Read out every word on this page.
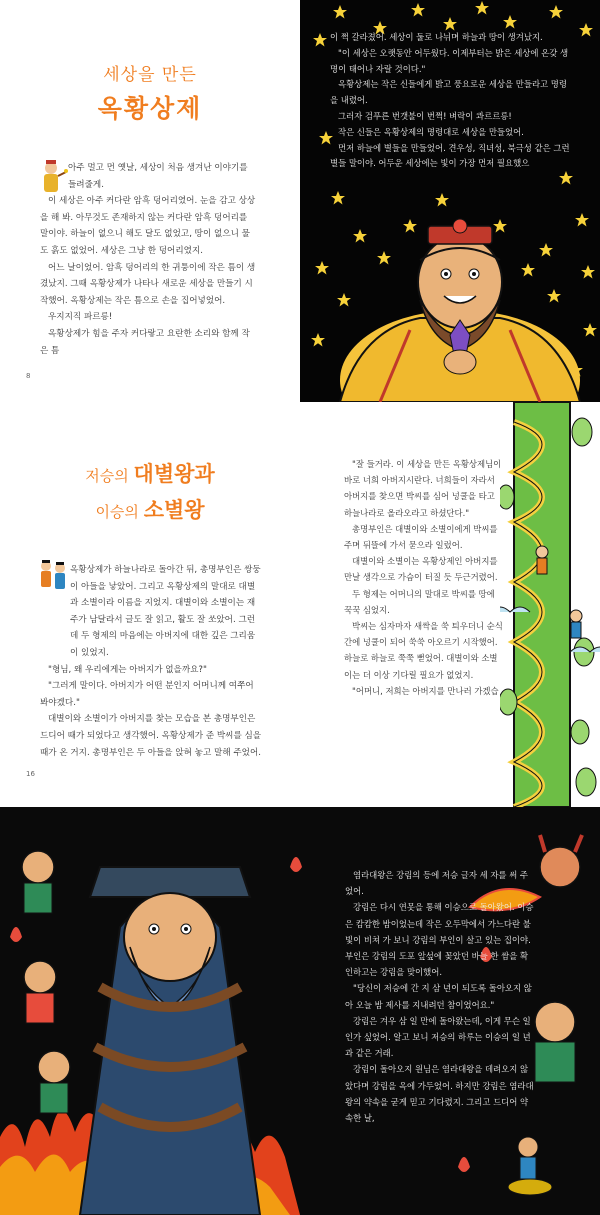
세상을 만든
옥황상제

아주 멀고 먼 옛날, 세상이 처음 생겨난 이야기를 들려줄게.

이 세상은 아주 커다란 암흑 덩어리였어. 눈을 감고 상상을 해 봐. 아무것도 존재하지 않는 커다란 암흑 덩어리를 말이야. 하늘이 없으니 해도 달도 없었고, 땅이 없으니 물도 흙도 없었어. 세상은 그냥 한 덩어리였지.

어느 날이었어. 암흑 덩어리의 한 귀퉁이에 작은 틈이 생겼났지. 그때 옥황상제가 나타나 새로운 세상을 만들기 시작했어. 옥황상제는 작은 틈으로 손을 집어넣었어.

우지지직 파르릉!

옥황상제가 힘을 주자 커다랗고 요란한 소리와 함께 작은 틈

8

이 쩍 갈라졌어. 세상이 둘로 나뉘며 하늘과 땅이 생겨났지.

"이 세상은 오랫동안 어두웠다. 이제부터는 밝은 세상에 온갖 생명이 태어나 자랄 것이다."

옥황상제는 작은 신들에게 밝고 풍요로운 세상을 만들라고 명령을 내렸어.

그러자 검푸른 번갯불이 번쩍! 벼락이 콰르르릉!

작은 신들은 옥황상제의 명령대로 세상을 만들었어.

먼저 하늘에 별들을 만들었어. 견우성, 직녀성, 북극성 같은 그런 별들 말이야. 어두운 세상에는 빛이 가장 먼저 필요했으

저승의 대별왕과
이승의 소별왕

옥황상제가 하늘나라로 돌아간 뒤, 총명부인은 쌍둥이 아들을 낳았어. 그리고 옥황상제의 말대로 대별과 소별이라 이름을 지었지. 대별이와 소별이는 재주가 남달라서 글도 잘 읽고, 활도 잘 쏘았어. 그런데 두 형제의 마음에는 아버지에 대한 깊은 그리움이 있었지.

"형님, 왜 우리에게는 아버지가 없을까요?"

"그러게 말이다. 아버지가 어떤 분인지 어머니께 여쭈어 봐야겠다."

대별이와 소별이가 아버지를 찾는 모습을 본 총명부인은 드디어 때가 되었다고 생각했어. 옥황상제가 준 박씨를 심을 때가 온 거지. 총명부인은 두 아들을 앉혀 놓고 말해 주었어.

16

"잘 들거라. 이 세상을 만든 옥황상제님이 바로 너희 아버지시란다. 너희들이 자라서 아버지를 찾으면 박씨를 심어 넝쿨을 타고 하늘나라로 올라오라고 하셨단다."

총명부인은 대별이와 소별이에게 박씨를 주며 뒤뜰에 가서 묻으라 일렀어.

대별이와 소별이는 옥황상제인 아버지를 만날 생각으로 가슴이 터질 듯 두근거렸어.

두 형제는 어머니의 말대로 박씨를 땅에 꾹꾹 심었지.

박씨는 심자마자 새싹을 쑥 틔우더니 순식간에 넝쿨이 되어 쑥쑥 아오르기 시작했어. 하늘로 하늘로 쭉쭉 뻗었어. 대별이와 소별이는 더 이상 기다릴 필요가 없었지.

"어머니, 저희는 아버지를 만나러 가겠습

염라대왕은 강림의 등에 저승 글자 세 자를 써 주었어.

강림은 다시 연못을 통해 이승으로 돌아왔어. 이승은 캄캄한 밤이었는데 작은 오두막에서 가느다란 불빛이 비쳐 가 보니 강림의 부인이 살고 있는 집이야. 부인은 강림의 도포 앞섶에 꽂았던 바늘 한 쌈을 확인하고는 강림을 맞이했어.

"당신이 저승에 간 지 삼 년이 되도록 돌아오지 않아 오늘 밤 제사를 지내려던 참이었어요."

강림은 겨우 삼 일 만에 돌아왔는데, 이게 무슨 일인가 싶었어. 알고 보니 저승의 하루는 이승의 일 년과 같은 거래.

강림이 돌아오지 원님은 염라대왕을 데려오지 않았다며 강림을 옥에 가두었어. 하지만 강림은 염라대왕의 약속을 굳게 믿고 기다렸지. 그리고 드디어 약속한 날,
